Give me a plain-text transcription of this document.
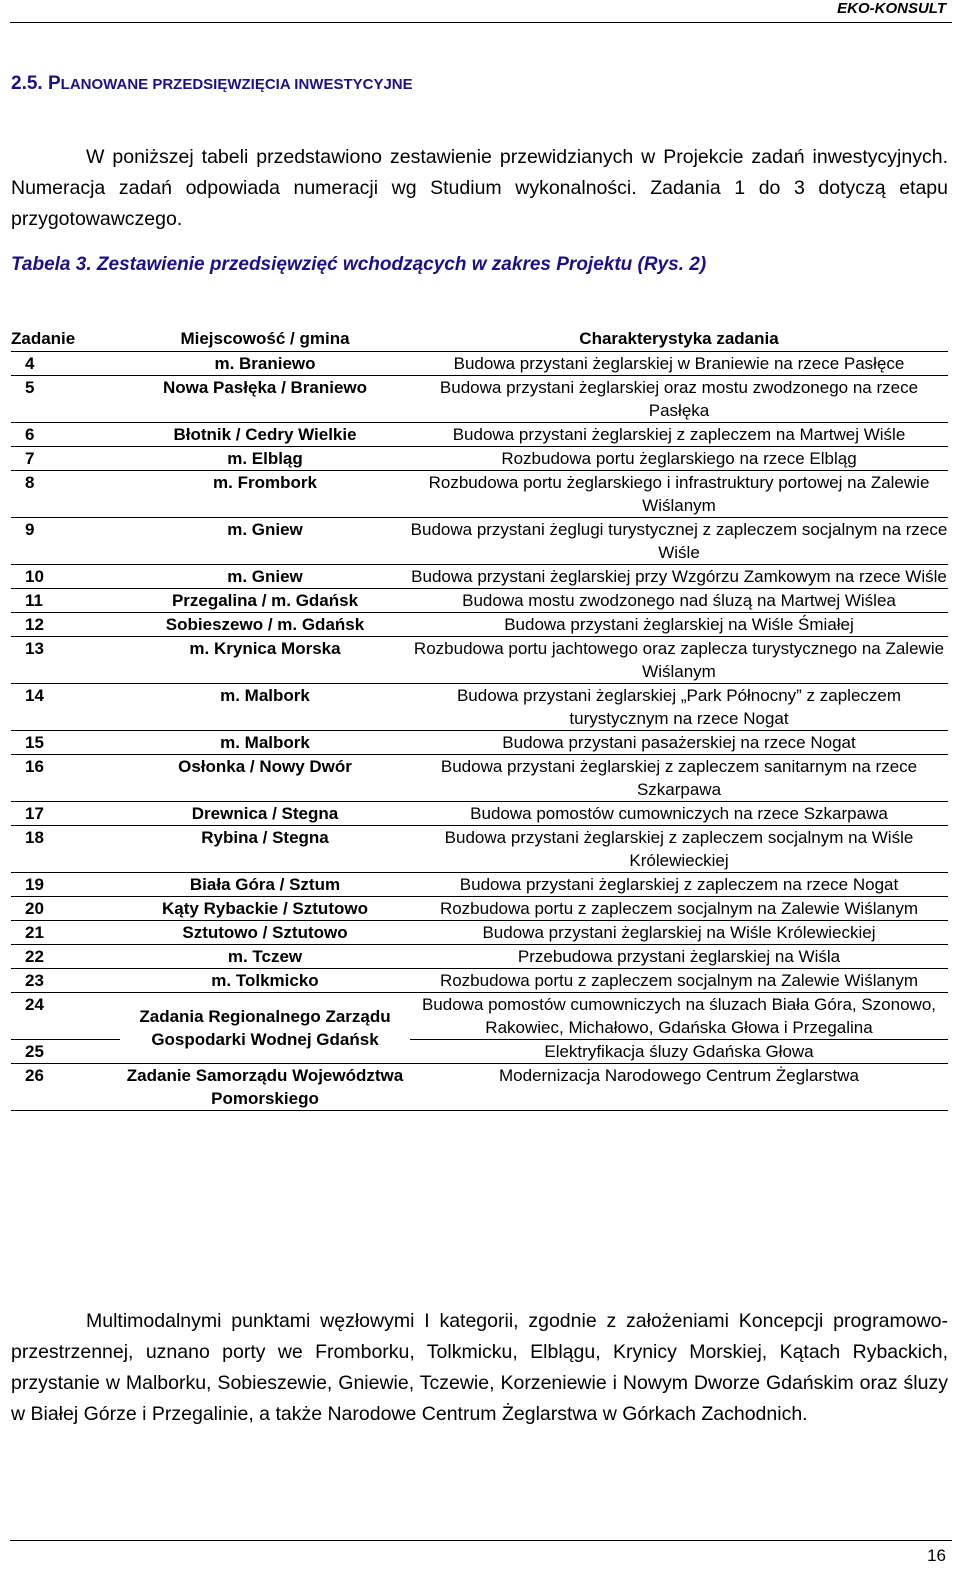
EKO-KONSULT
2.5. PLANOWANE PRZEDSIĘWZIĘCIA INWESTYCYJNE

W poniższej tabeli przedstawiono zestawienie przewidzianych w Projekcie zadań inwestycyjnych. Numeracja zadań odpowiada numeracji wg Studium wykonalności. Zadania 1 do 3 dotyczą etapu przygotowawczego.

Tabela 3. Zestawienie przedsięwzięć wchodzących w zakres Projektu (Rys. 2)
Zadanie	Miejscowość / gmina	Charakterystyka zadania
4	m. Braniewo	Budowa przystani żeglarskiej w Braniewie na rzece Pasłęce
5	Nowa Pasłęka / Braniewo	Budowa przystani żeglarskiej oraz mostu zwodzonego na rzece Pasłęka
6	Błotnik / Cedry Wielkie	Budowa przystani żeglarskiej z zapleczem na Martwej Wiśle
7	m. Elbląg	Rozbudowa portu żeglarskiego na rzece Elbląg
8	m. Frombork	Rozbudowa portu żeglarskiego i infrastruktury portowej na Zalewie Wiślanym
9	m. Gniew	Budowa przystani żeglugi turystycznej z zapleczem socjalnym na rzece Wiśle
10	m. Gniew	Budowa przystani żeglarskiej przy Wzgórzu Zamkowym na rzece Wiśle
11	Przegalina / m. Gdańsk	Budowa mostu zwodzonego nad śluzą na Martwej Wiślea
12	Sobieszewo / m. Gdańsk	Budowa przystani żeglarskiej na Wiśle Śmiałej
13	m. Krynica Morska	Rozbudowa portu jachtowego oraz zaplecza turystycznego na Zalewie Wiślanym
14	m. Malbork	Budowa przystani żeglarskiej „Park Północny” z zapleczem turystycznym na rzece Nogat
15	m. Malbork	Budowa przystani pasażerskiej na rzece Nogat
16	Osłonka / Nowy Dwór	Budowa przystani żeglarskiej z zapleczem sanitarnym na rzece Szkarpawa
17	Drewnica / Stegna	Budowa pomostów cumowniczych na rzece Szkarpawa
18	Rybina / Stegna	Budowa przystani żeglarskiej z zapleczem socjalnym na Wiśle Królewieckiej
19	Biała Góra / Sztum	Budowa przystani żeglarskiej z zapleczem na rzece Nogat
20	Kąty Rybackie / Sztutowo	Rozbudowa portu z zapleczem socjalnym na Zalewie Wiślanym
21	Sztutowo / Sztutowo	Budowa przystani żeglarskiej na Wiśle Królewieckiej
22	m. Tczew	Przebudowa przystani żeglarskiej na Wiśla
23	m. Tolkmicko	Rozbudowa portu z zapleczem socjalnym na Zalewie Wiślanym
24	Zadania Regionalnego Zarządu Gospodarki Wodnej Gdańsk	Budowa pomostów cumowniczych na śluzach Biała Góra, Szonowo, Rakowiec, Michałowo, Gdańska Głowa i Przegalina
25		Elektryfikacja śluzy Gdańska Głowa
26	Zadanie Samorządu Województwa Pomorskiego	Modernizacja Narodowego Centrum Żeglarstwa

Multimodalnymi punktami węzłowymi I kategorii, zgodnie z założeniami Koncepcji programowo-przestrzennej, uznano porty we Fromborku, Tolkmicku, Elblągu, Krynicy Morskiej, Kątach Rybackich, przystanie w Malborku, Sobieszewie, Gniewie, Tczewie, Korzeniewie i Nowym Dworze Gdańskim oraz śluzy w Białej Górze i Przegalinie, a także Narodowe Centrum Żeglarstwa w Górkach Zachodnich.

16
